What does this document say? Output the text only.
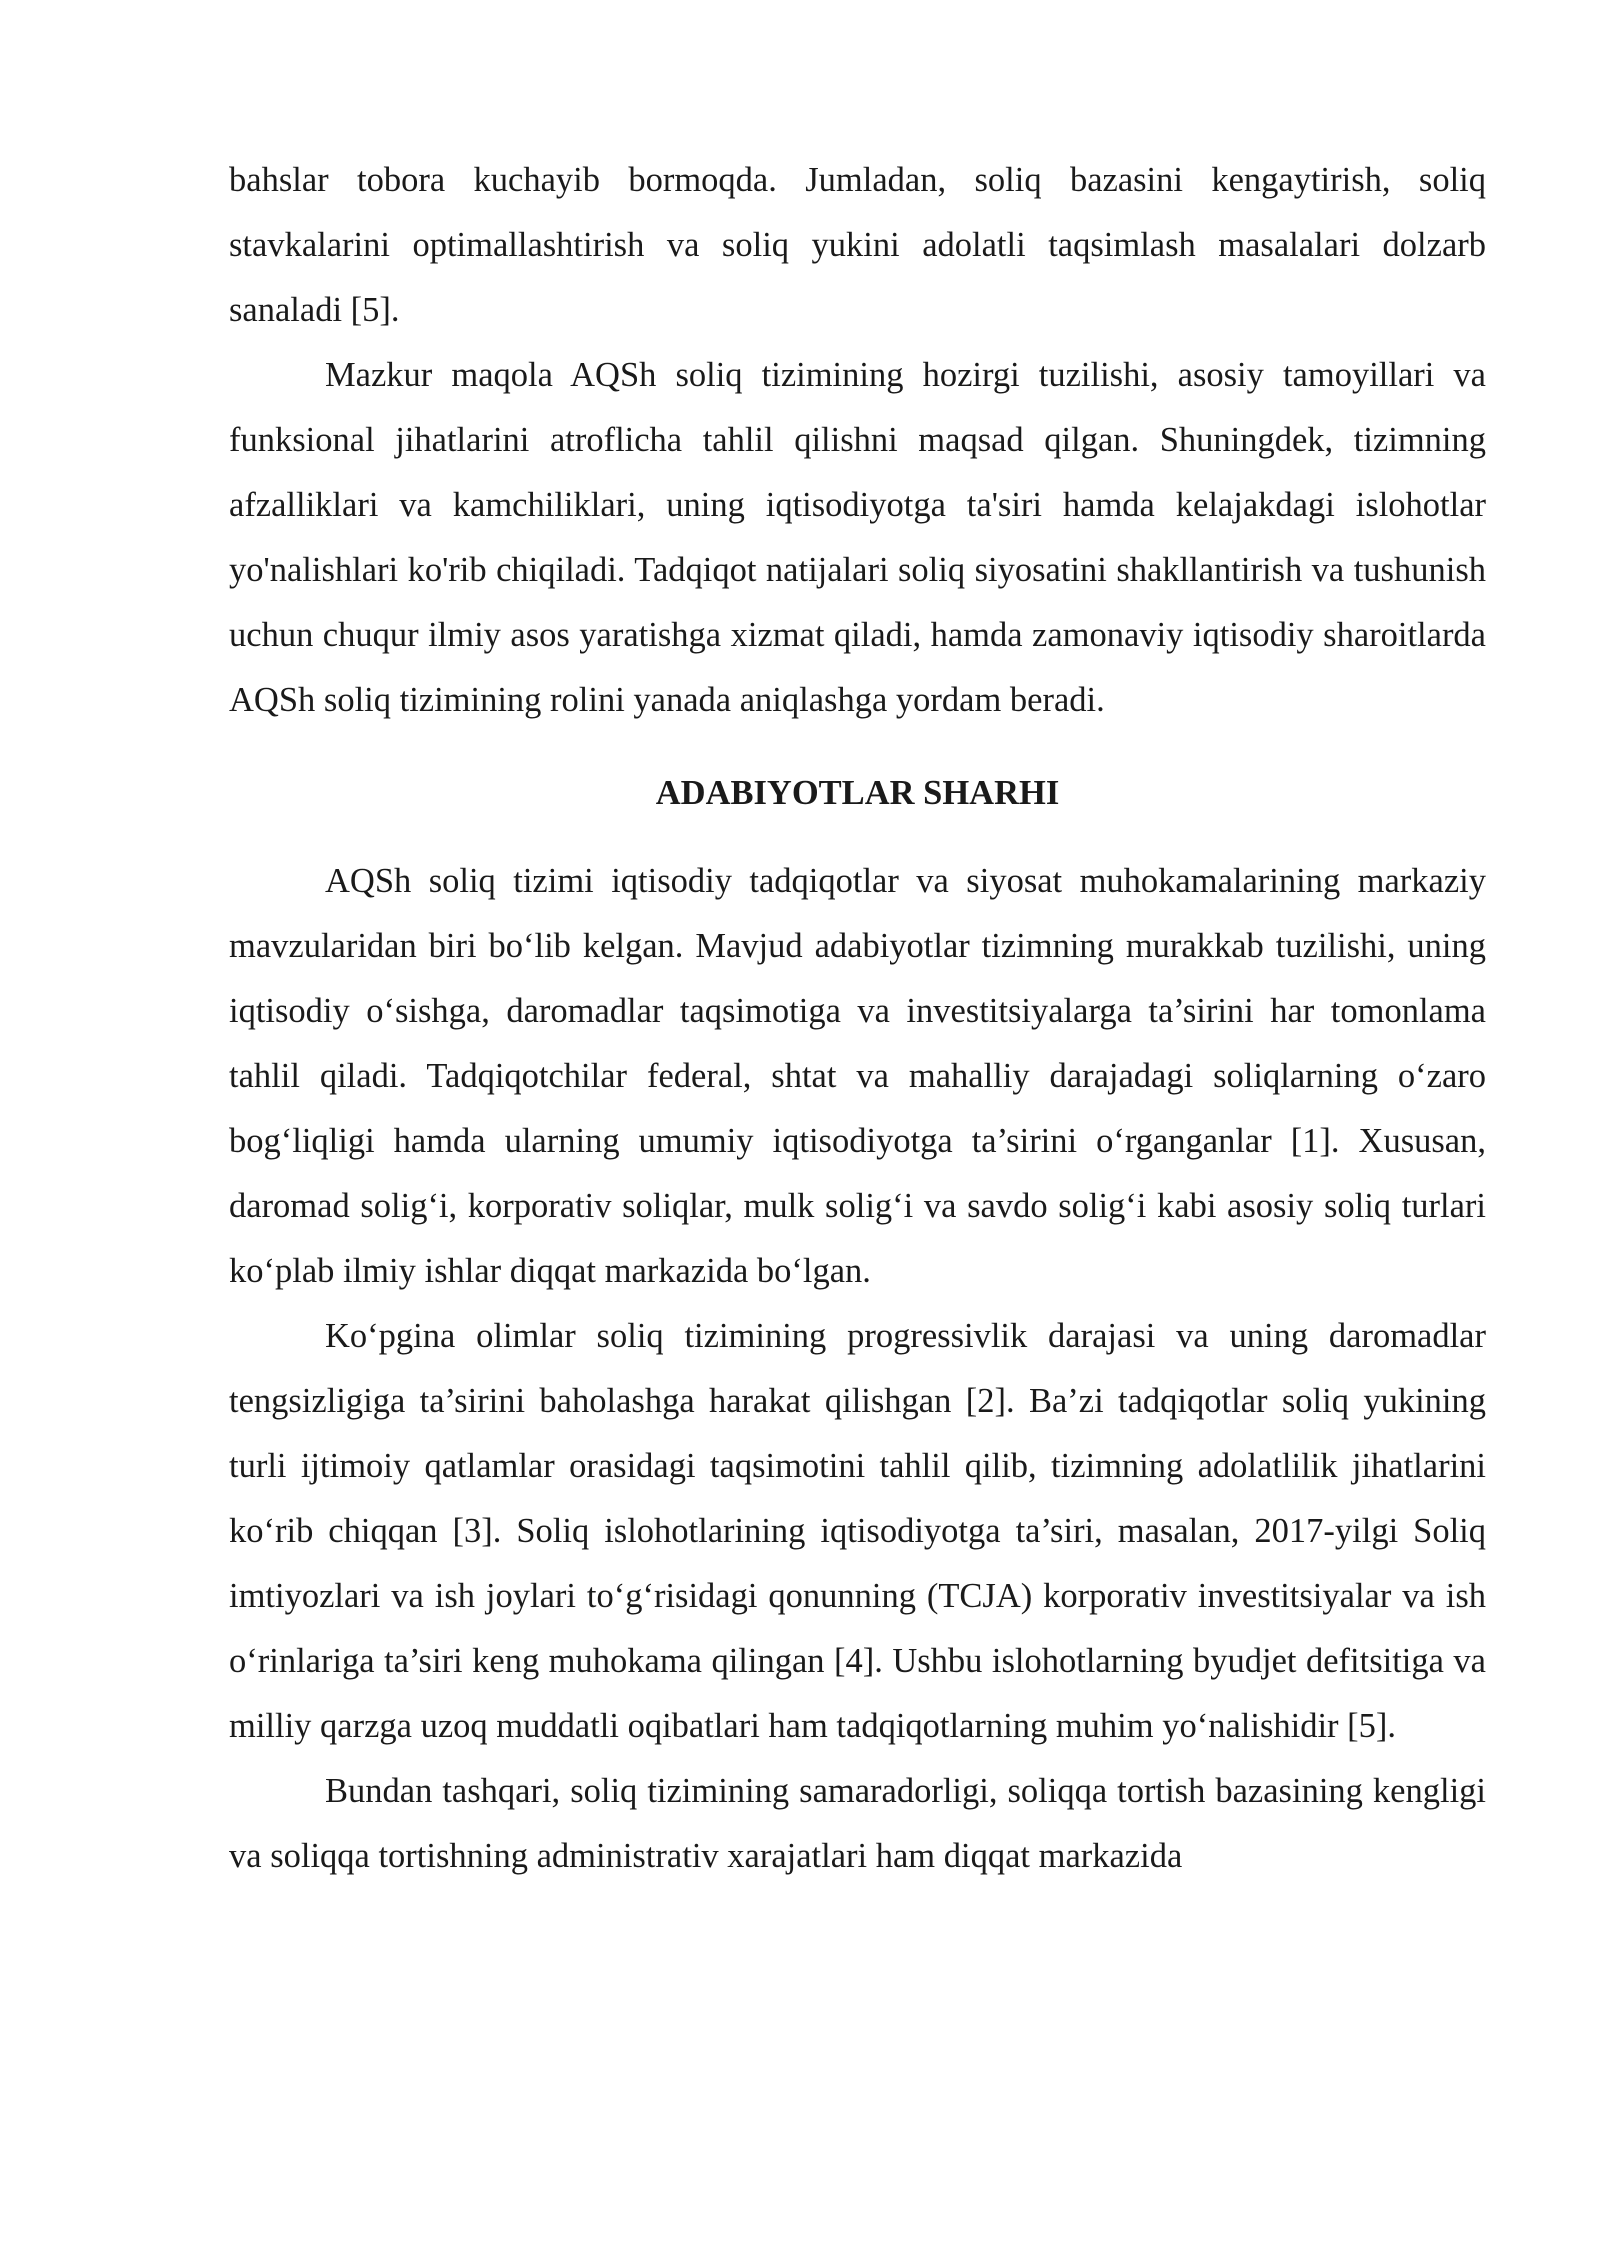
bahslar tobora kuchayib bormoqda. Jumladan, soliq bazasini kengaytirish, soliq stavkalarini optimallashtirish va soliq yukini adolatli taqsimlash masalalari dolzarb sanaladi [5].

Mazkur maqola AQSh soliq tizimining hozirgi tuzilishi, asosiy tamoyillari va funksional jihatlarini atroflicha tahlil qilishni maqsad qilgan. Shuningdek, tizimning afzalliklari va kamchiliklari, uning iqtisodiyotga ta'siri hamda kelajakdagi islohotlar yo'nalishlari ko'rib chiqiladi. Tadqiqot natijalari soliq siyosatini shakllantirish va tushunish uchun chuqur ilmiy asos yaratishga xizmat qiladi, hamda zamonaviy iqtisodiy sharoitlarda AQSh soliq tizimining rolini yanada aniqlashga yordam beradi.

ADABIYOTLAR SHARHI

AQSh soliq tizimi iqtisodiy tadqiqotlar va siyosat muhokamalarining markaziy mavzularidan biri bo‘lib kelgan. Mavjud adabiyotlar tizimning murakkab tuzilishi, uning iqtisodiy o‘sishga, daromadlar taqsimotiga va investitsiyalarga ta’sirini har tomonlama tahlil qiladi. Tadqiqotchilar federal, shtat va mahalliy darajadagi soliqlarning o‘zaro bog‘liqligi hamda ularning umumiy iqtisodiyotga ta’sirini o‘rganganlar [1]. Xususan, daromad solig‘i, korporativ soliqlar, mulk solig‘i va savdo solig‘i kabi asosiy soliq turlari ko‘plab ilmiy ishlar diqqat markazida bo‘lgan.

Ko‘pgina olimlar soliq tizimining progressivlik darajasi va uning daromadlar tengsizligiga ta’sirini baholashga harakat qilishgan [2]. Ba’zi tadqiqotlar soliq yukining turli ijtimoiy qatlamlar orasidagi taqsimotini tahlil qilib, tizimning adolatlilik jihatlarini ko‘rib chiqqan [3]. Soliq islohotlarining iqtisodiyotga ta’siri, masalan, 2017-yilgi Soliq imtiyozlari va ish joylari to‘g‘risidagi qonunning (TCJA) korporativ investitsiyalar va ish o‘rinlariga ta’siri keng muhokama qilingan [4]. Ushbu islohotlarning byudjet defitsitiga va milliy qarzga uzoq muddatli oqibatlari ham tadqiqotlarning muhim yo‘nalishidir [5].

Bundan tashqari, soliq tizimining samaradorligi, soliqqa tortish bazasining kengligi va soliqqa tortishning administrativ xarajatlari ham diqqat markazida
